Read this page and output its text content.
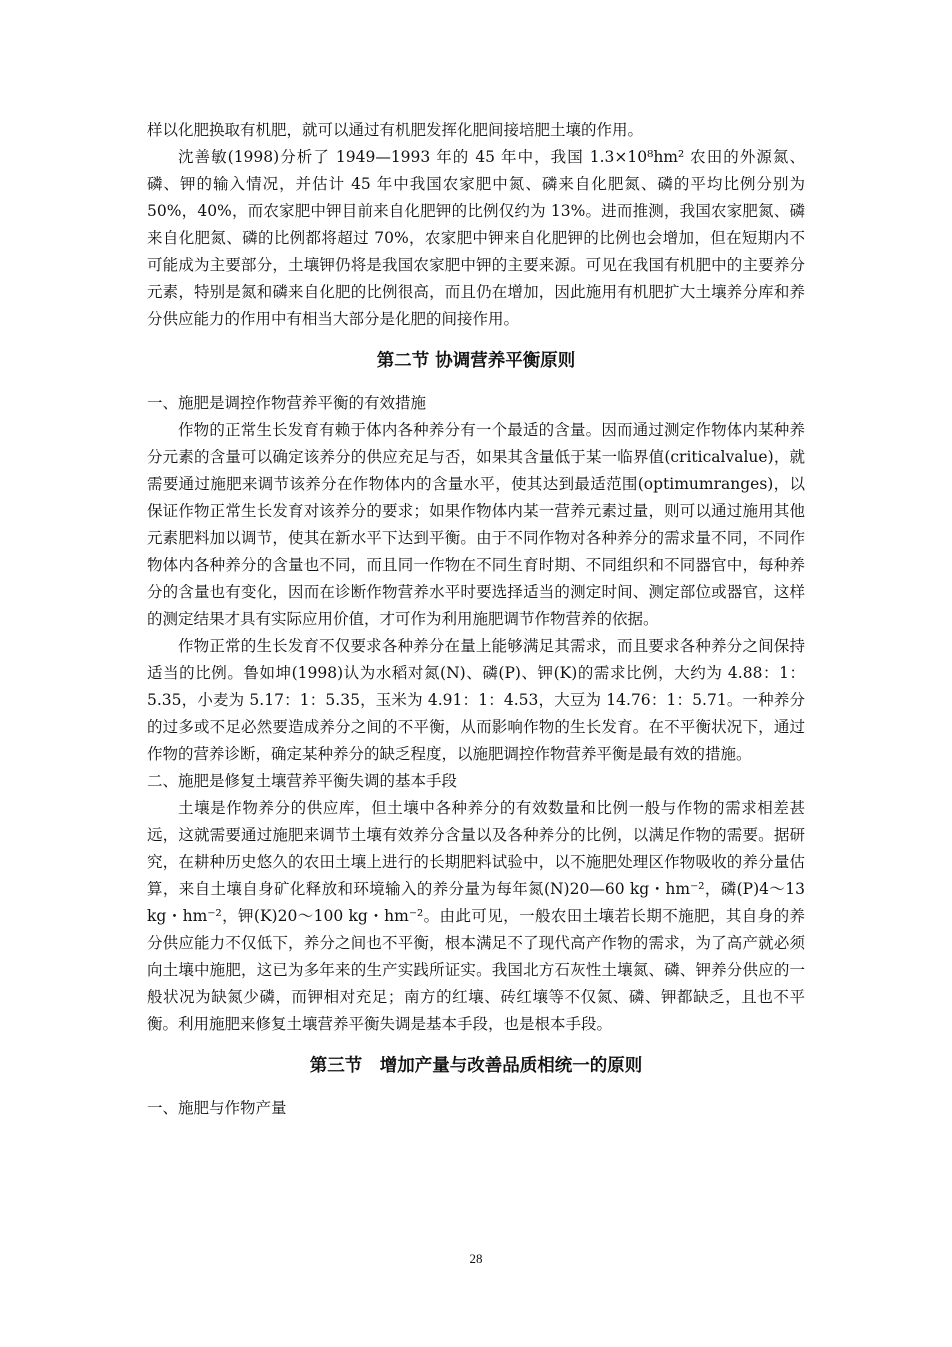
样以化肥换取有机肥，就可以通过有机肥发挥化肥间接培肥土壤的作用。

沈善敏(1998)分析了 1949—1993 年的 45 年中，我国 1.3×10⁸hm² 农田的外源氮、磷、钾的输入情况，并估计 45 年中我国农家肥中氮、磷来自化肥氮、磷的平均比例分别为 50%，40%，而农家肥中钾目前来自化肥钾的比例仅约为 13%。进而推测，我国农家肥氮、磷来自化肥氮、磷的比例都将超过 70%，农家肥中钾来自化肥钾的比例也会增加，但在短期内不可能成为主要部分，土壤钾仍将是我国农家肥中钾的主要来源。可见在我国有机肥中的主要养分元素，特别是氮和磷来自化肥的比例很高，而且仍在增加，因此施用有机肥扩大土壤养分库和养分供应能力的作用中有相当大部分是化肥的间接作用。

第二节 协调营养平衡原则

一、施肥是调控作物营养平衡的有效措施

作物的正常生长发育有赖于体内各种养分有一个最适的含量。因而通过测定作物体内某种养分元素的含量可以确定该养分的供应充足与否，如果其含量低于某一临界值(criticalvalue)，就需要通过施肥来调节该养分在作物体内的含量水平，使其达到最适范围(optimumranges)，以保证作物正常生长发育对该养分的要求；如果作物体内某一营养元素过量，则可以通过施用其他元素肥料加以调节，使其在新水平下达到平衡。由于不同作物对各种养分的需求量不同，不同作物体内各种养分的含量也不同，而且同一作物在不同生育时期、不同组织和不同器官中，每种养分的含量也有变化，因而在诊断作物营养水平时要选择适当的测定时间、测定部位或器官，这样的测定结果才具有实际应用价值，才可作为利用施肥调节作物营养的依据。

作物正常的生长发育不仅要求各种养分在量上能够满足其需求，而且要求各种养分之间保持适当的比例。鲁如坤(1998)认为水稻对氮(N)、磷(P)、钾(K)的需求比例，大约为 4.88：1：5.35，小麦为 5.17：1：5.35，玉米为 4.91：1：4.53，大豆为 14.76：1：5.71。一种养分的过多或不足必然要造成养分之间的不平衡，从而影响作物的生长发育。在不平衡状况下，通过作物的营养诊断，确定某种养分的缺乏程度，以施肥调控作物营养平衡是最有效的措施。

二、施肥是修复土壤营养平衡失调的基本手段

土壤是作物养分的供应库，但土壤中各种养分的有效数量和比例一般与作物的需求相差甚远，这就需要通过施肥来调节土壤有效养分含量以及各种养分的比例，以满足作物的需要。据研究，在耕种历史悠久的农田土壤上进行的长期肥料试验中，以不施肥处理区作物吸收的养分量估算，来自土壤自身矿化释放和环境输入的养分量为每年氮(N)20—60 kg・hm⁻²，磷(P)4～13 kg・hm⁻²，钾(K)20～100 kg・hm⁻²。由此可见，一般农田土壤若长期不施肥，其自身的养分供应能力不仅低下，养分之间也不平衡，根本满足不了现代高产作物的需求，为了高产就必须向土壤中施肥，这已为多年来的生产实践所证实。我国北方石灰性土壤氮、磷、钾养分供应的一般状况为缺氮少磷，而钾相对充足；南方的红壤、砖红壤等不仅氮、磷、钾都缺乏，且也不平衡。利用施肥来修复土壤营养平衡失调是基本手段，也是根本手段。

第三节　增加产量与改善品质相统一的原则

一、施肥与作物产量

28
